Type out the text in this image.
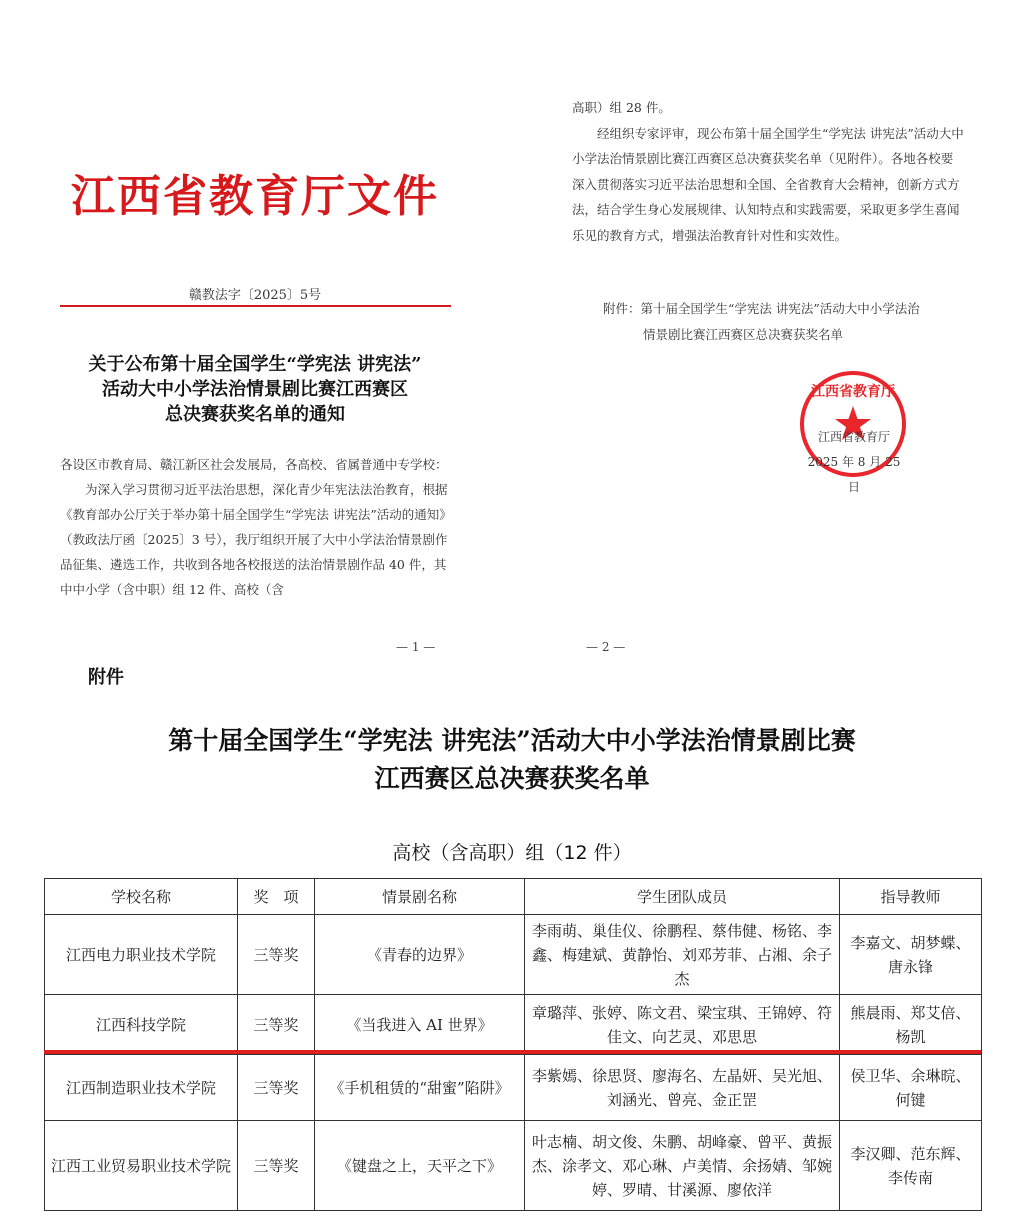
江西省教育厅文件
赣教法字〔2025〕5号
关于公布第十届全国学生“学宪法 讲宪法”
活动大中小学法治情景剧比赛江西赛区
总决赛获奖名单的通知

各设区市教育局、赣江新区社会发展局，各高校、省属普通中专学校：

为深入学习贯彻习近平法治思想，深化青少年宪法法治教育，根据《教育部办公厅关于举办第十届全国学生“学宪法 讲宪法”活动的通知》（教政法厅函〔2025〕3 号），我厅组织开展了大中小学法治情景剧作品征集、遴选工作，共收到各地各校报送的法治情景剧作品 40 件，其中中小学（含中职）组 12 件、高校（含

— 1 —

高职）组 28 件。

经组织专家评审，现公布第十届全国学生“学宪法 讲宪法”活动大中小学法治情景剧比赛江西赛区总决赛获奖名单（见附件）。各地各校要深入贯彻落实习近平法治思想和全国、全省教育大会精神，创新方式方法，结合学生身心发展规律、认知特点和实践需要，采取更多学生喜闻乐见的教育方式，增强法治教育针对性和实效性。

附件：第十届全国学生“学宪法 讲宪法”活动大中小学法治
情景剧比赛江西赛区总决赛获奖名单
江西省教育厅
江西省教育厅
2025 年 8 月 25 日
— 2 —
附件
第十届全国学生“学宪法 讲宪法”活动大中小学法治情景剧比赛
江西赛区总决赛获奖名单
高校（含高职）组（12 件）
学校名称	奖　项	情景剧名称	学生团队成员	指导教师
江西电力职业技术学院	三等奖	《青春的边界》	李雨萌、巢佳仪、徐鹏程、蔡伟健、杨铭、李鑫、梅建斌、黄静怡、刘邓芳菲、占湘、余子杰	李嘉文、胡梦蝶、唐永锋
江西科技学院	三等奖	《当我进入 AI 世界》	章璐萍、张婷、陈文君、梁宝琪、王锦婷、符佳文、向艺灵、邓思思	熊晨雨、郑艾倍、杨凯
江西制造职业技术学院	三等奖	《手机租赁的“甜蜜”陷阱》	李紫嫣、徐思贤、廖海名、左晶妍、吴光旭、刘涵光、曾亮、金正罡	侯卫华、余琳晥、何键
江西工业贸易职业技术学院	三等奖	《键盘之上，天平之下》	叶志楠、胡文俊、朱鹏、胡峰豪、曾平、黄振杰、涂孝文、邓心琳、卢美情、余扬婧、邹婉婷、罗晴、甘溪源、廖依洋	李汉卿、范东辉、李传南
